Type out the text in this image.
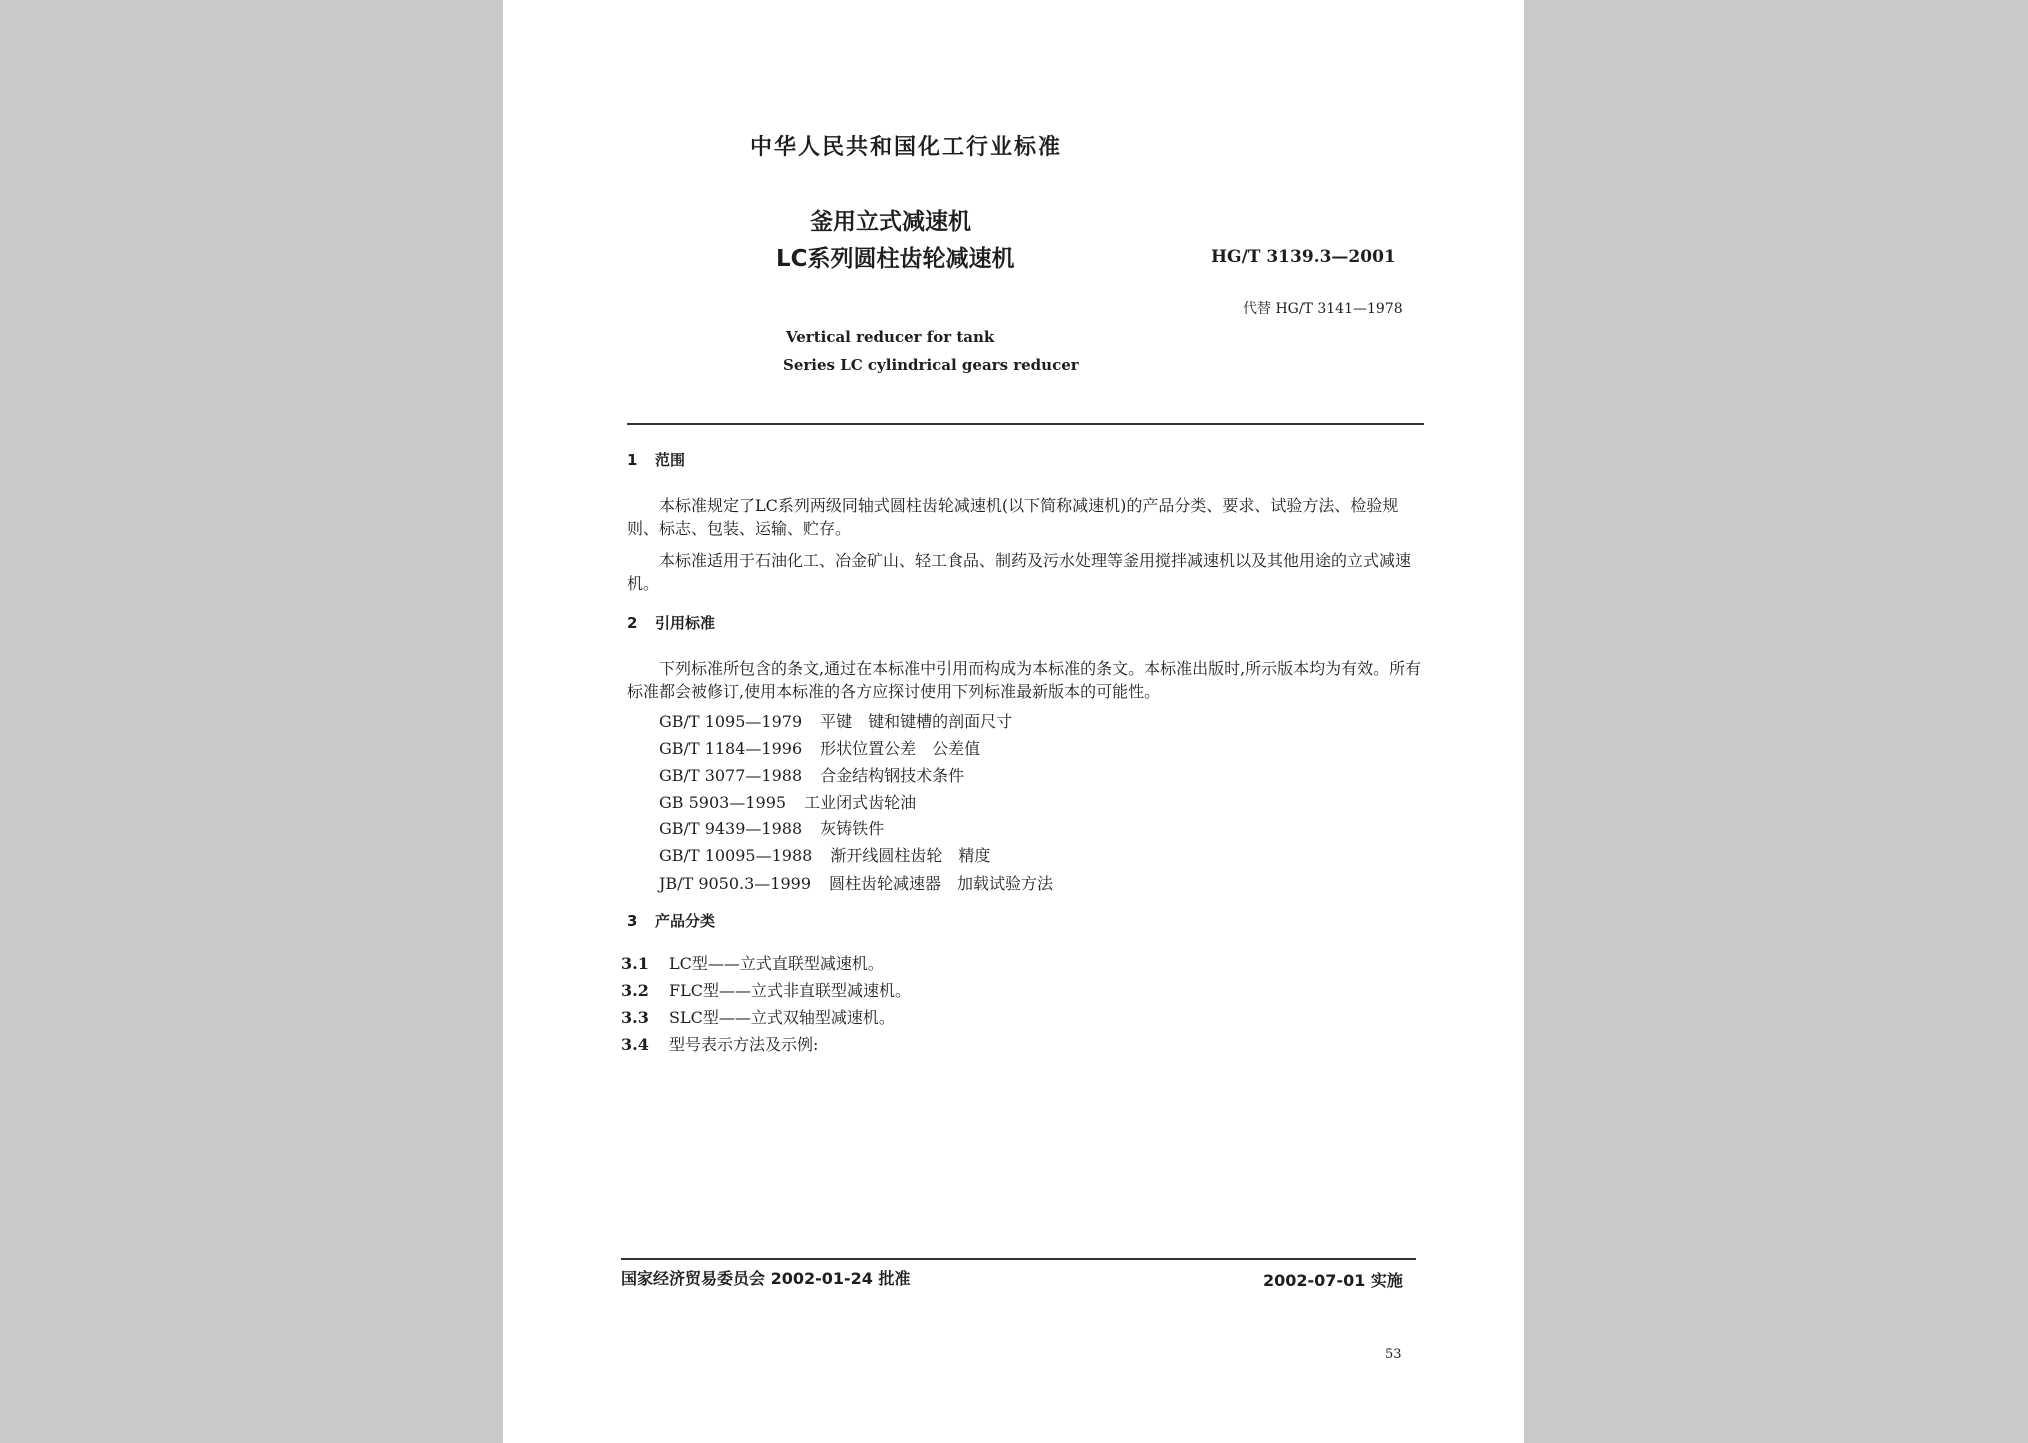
中华人民共和国化工行业标准
釜用立式减速机
LC系列圆柱齿轮减速机	HG/T 3139.3—2001
代替 HG/T 3141—1978
Vertical reducer for tank
Series LC cylindrical gears reducer
1 范围
本标准规定了LC系列两级同轴式圆柱齿轮减速机(以下简称减速机)的产品分类、要求、试验方法、检验规则、标志、包装、运输、贮存。
本标准适用于石油化工、冶金矿山、轻工食品、制药及污水处理等釜用搅拌减速机以及其他用途的立式减速机。
2 引用标准
下列标准所包含的条文,通过在本标准中引用而构成为本标准的条文。本标准出版时,所示版本均为有效。所有标准都会被修订,使用本标准的各方应探讨使用下列标准最新版本的可能性。
GB/T 1095—1979 平键　键和键槽的剖面尺寸
GB/T 1184—1996 形状位置公差　公差值
GB/T 3077—1988 合金结构钢技术条件
GB 5903—1995 工业闭式齿轮油
GB/T 9439—1988 灰铸铁件
GB/T 10095—1988 渐开线圆柱齿轮　精度
JB/T 9050.3—1999 圆柱齿轮减速器　加载试验方法
3 产品分类
3.1 LC型——立式直联型减速机。
3.2 FLC型——立式非直联型减速机。
3.3 SLC型——立式双轴型减速机。
3.4 型号表示方法及示例:
国家经济贸易委员会 2002-01-24 批准	2002-07-01 实施
53
